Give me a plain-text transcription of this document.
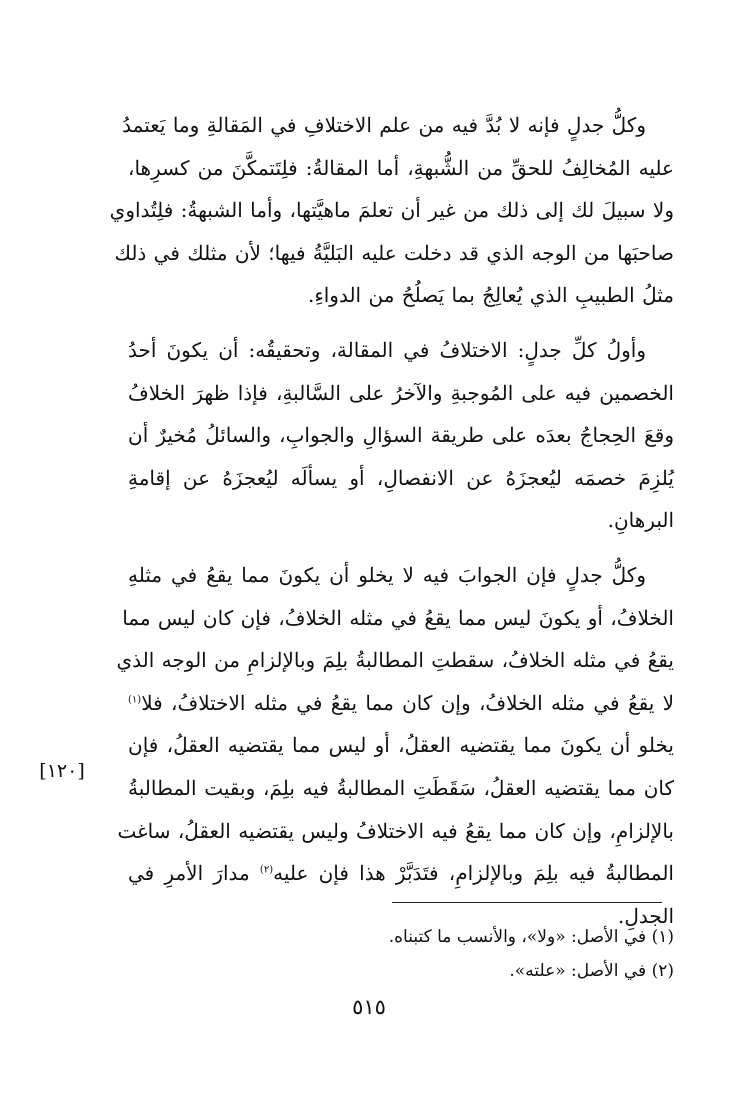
وكلُّ جدلٍ فإنه لا بُدَّ فيه من علم الاختلافِ في المَقالةِ وما يَعتمدُ
عليه المُخالِفُ للحقِّ من الشُّبهةِ، أما المقالةُ: فلِتَتمكَّنَ من كسرِها،
ولا سبيلَ لك إلى ذلك من غير أن تعلمَ ماهيَّتها، وأما الشبهةُ: فلِتُداوي
صاحبَها من الوجه الذي قد دخلت عليه البَليَّةُ فيها؛ لأن مثلك في ذلك
مثلُ الطبيبِ الذي يُعالِجُ بما يَصلُحُ من الدواءِ.

وأولُ كلِّ جدلٍ: الاختلافُ في المقالة، وتحقيقُه: أن يكونَ أحدُ
الخصمين فيه على المُوجبةِ والآخرُ على السَّالبةِ، فإذا ظهرَ الخلافُ
وقعَ الحِجاجُ بعدَه على طريقة السؤالِ والجوابِ، والسائلُ مُخيرٌ أن
يُلزِمَ خصمَه ليُعجزَهُ عن الانفصالِ، أو يسألَه ليُعجزَهُ عن إقامةِ
البرهانِ.

وكلُّ جدلٍ فإن الجوابَ فيه لا يخلو أن يكونَ مما يقعُ في مثلهِ
الخلافُ، أو يكونَ ليس مما يقعُ في مثله الخلافُ، فإن كان ليس مما
يقعُ في مثله الخلافُ، سقطتِ المطالبةُ بلِمَ وبالإلزامِ من الوجه الذي
لا يقعُ في مثله الخلافُ، وإن كان مما يقعُ في مثله الاختلافُ، فلا$^{(١)}$
يخلو أن يكونَ مما يقتضيه العقلُ، أو ليس مما يقتضيه العقلُ، فإن
كان مما يقتضيه العقلُ، سَقَطَتِ المطالبةُ فيه بلِمَ، وبقيت المطالبةُ
بالإلزامِ، وإن كان مما يقعُ فيه الاختلافُ وليس يقتضيه العقلُ، ساغت
المطالبةُ فيه بلِمَ وبالإلزامِ، فتَدَبَّرْ هذا فإن عليه$^{(٢)}$ مدارَ الأمرِ في
الجدلِ.

[١٢٠]
(١) في الأصل: «ولا»، والأنسب ما كتبناه.
(٢) في الأصل: «علته».
٥١٥
